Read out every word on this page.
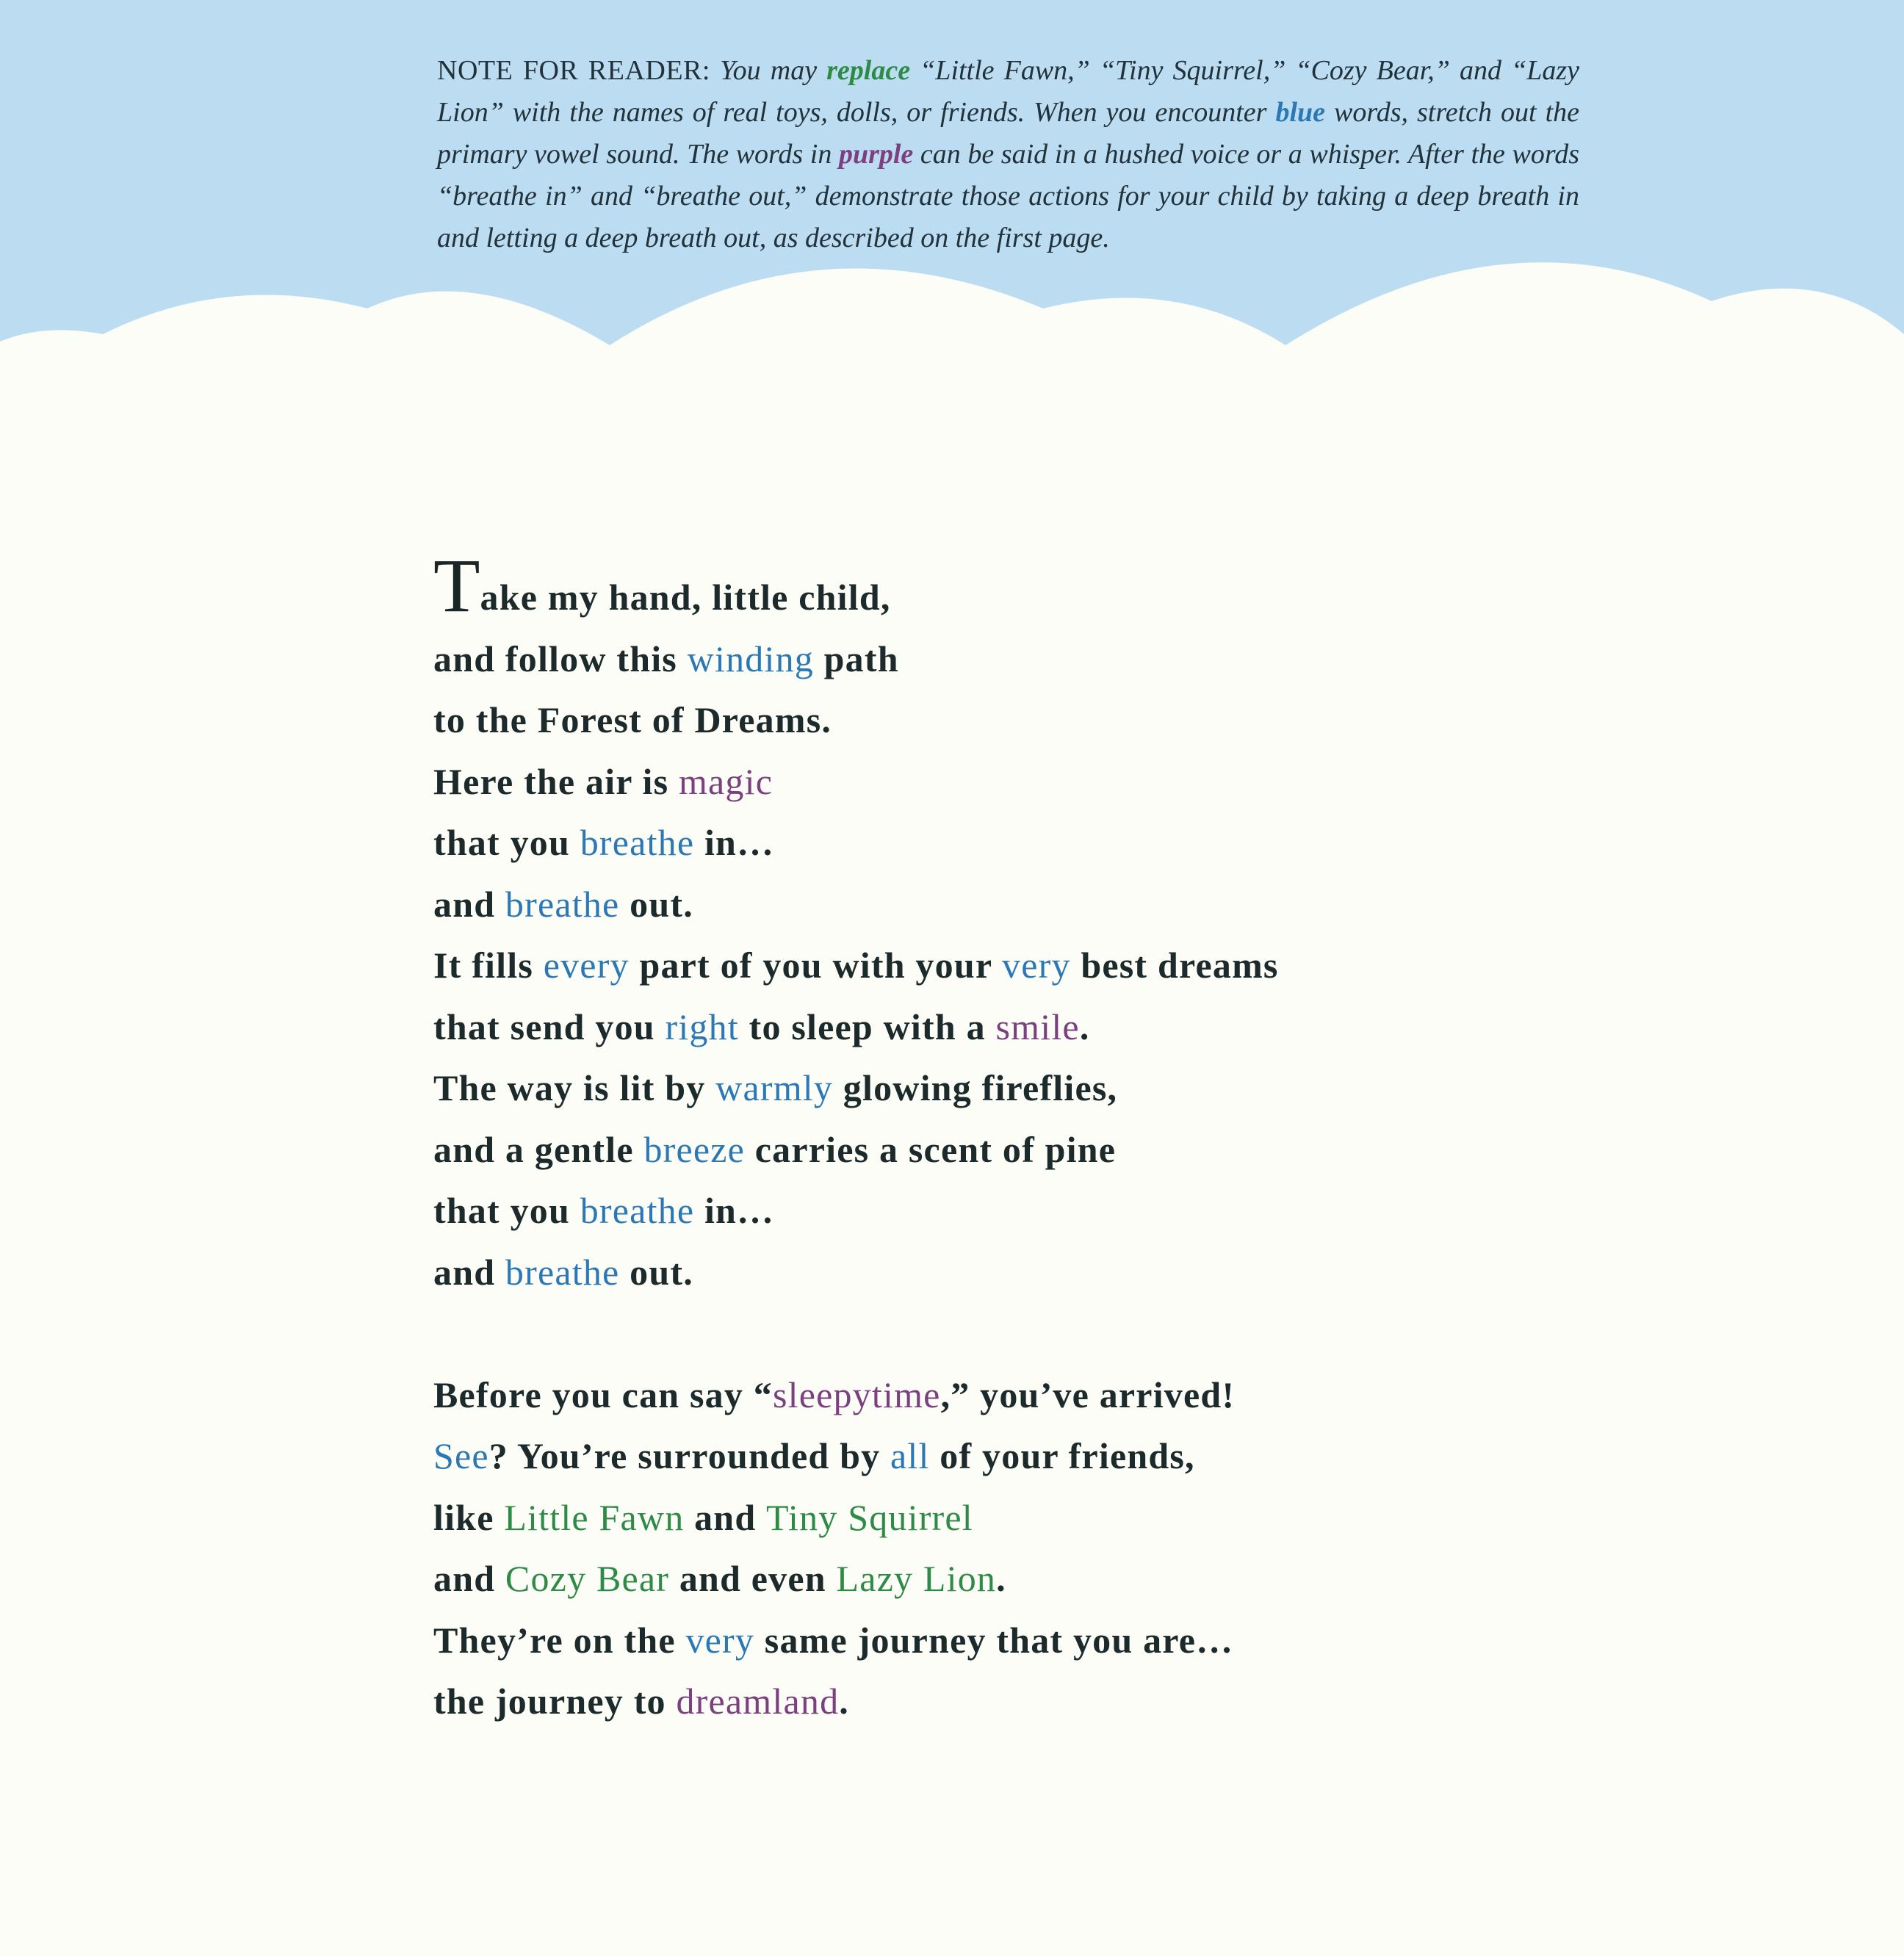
NOTE FOR READER: You may replace “Little Fawn,” “Tiny Squirrel,” “Cozy Bear,” and “Lazy Lion” with the names of real toys, dolls, or friends. When you encounter blue words, stretch out the primary vowel sound. The words in purple can be said in a hushed voice or a whisper. After the words “breathe in” and “breathe out,” demonstrate those actions for your child by taking a deep breath in and letting a deep breath out, as described on the first page.
Take my hand, little child,
and follow this winding path
to the Forest of Dreams.
Here the air is magic
that you breathe in…
and breathe out.
It fills every part of you with your very best dreams
that send you right to sleep with a smile.
The way is lit by warmly glowing fireflies,
and a gentle breeze carries a scent of pine
that you breathe in…
and breathe out.
Before you can say “sleepytime,” you’ve arrived!
See? You’re surrounded by all of your friends,
like Little Fawn and Tiny Squirrel
and Cozy Bear and even Lazy Lion.
They’re on the very same journey that you are…
the journey to dreamland.
